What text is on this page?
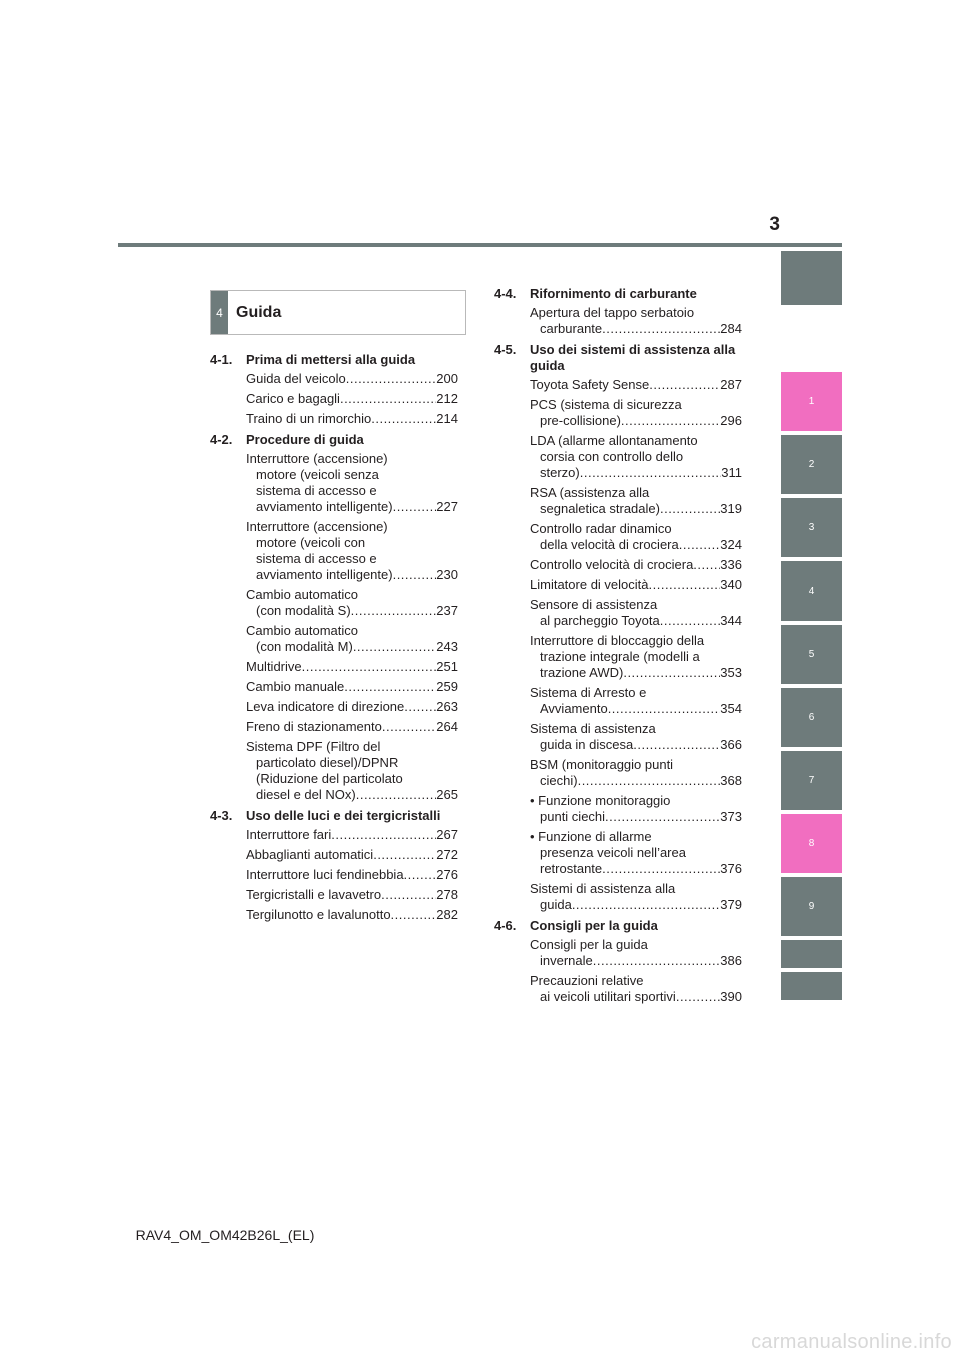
3
1
2
3
4
5
6
7
8
9
4 Guida
4-1.	Prima di mettersi alla guida
Guida del veicolo .....	200
Carico e bagagli .....	212
Traino di un rimorchio .....	214
4-2.	Procedure di guida
Interruttore (accensione)
motore (veicoli senza
sistema di accesso e
avviamento intelligente) .....	227
Interruttore (accensione)
motore (veicoli con
sistema di accesso e
avviamento intelligente) .....	230
Cambio automatico
(con modalità S) .....	237
Cambio automatico
(con modalità M) .....	243
Multidrive .....	251
Cambio manuale .....	259
Leva indicatore di direzione ..... 263
Freno di stazionamento .....	264
Sistema DPF (Filtro del
particolato diesel)/DPNR
(Riduzione del particolato
diesel e del NOx) .....	265
4-3.	Uso delle luci e dei tergicristalli
Interruttore fari .....	267
Abbaglianti automatici .....	272
Interruttore luci fendinebbia .....	276
Tergicristalli e lavavetro .....	278
Tergilunotto e lavalunotto .....	282
4-4.	Rifornimento di carburante
Apertura del tappo serbatoio
carburante .....	284
4-5.	Uso dei sistemi di assistenza alla guida
Toyota Safety Sense .....	287
PCS (sistema di sicurezza
pre-collisione) .....	296
LDA (allarme allontanamento
corsia con controllo dello
sterzo) .....	311
RSA (assistenza alla
segnaletica stradale) .....	319
Controllo radar dinamico
della velocità di crociera .....	324
Controllo velocità di crociera ..... 336
Limitatore di velocità .....	340
Sensore di assistenza
al parcheggio Toyota .....	344
Interruttore di bloccaggio della
trazione integrale (modelli a
trazione AWD) .....	353
Sistema di Arresto e
Avviamento .....	354
Sistema di assistenza
guida in discesa .....	366
BSM (monitoraggio punti
ciechi) .....	368
• Funzione monitoraggio
punti ciechi .....	373
• Funzione di allarme
presenza veicoli nell’area
retrostante .....	376
Sistemi di assistenza alla
guida .....	379
4-6.	Consigli per la guida
Consigli per la guida
invernale .....	386
Precauzioni relative
ai veicoli utilitari sportivi .....	390
RAV4_OM_OM42B26L_(EL)
carmanualsonline.info
